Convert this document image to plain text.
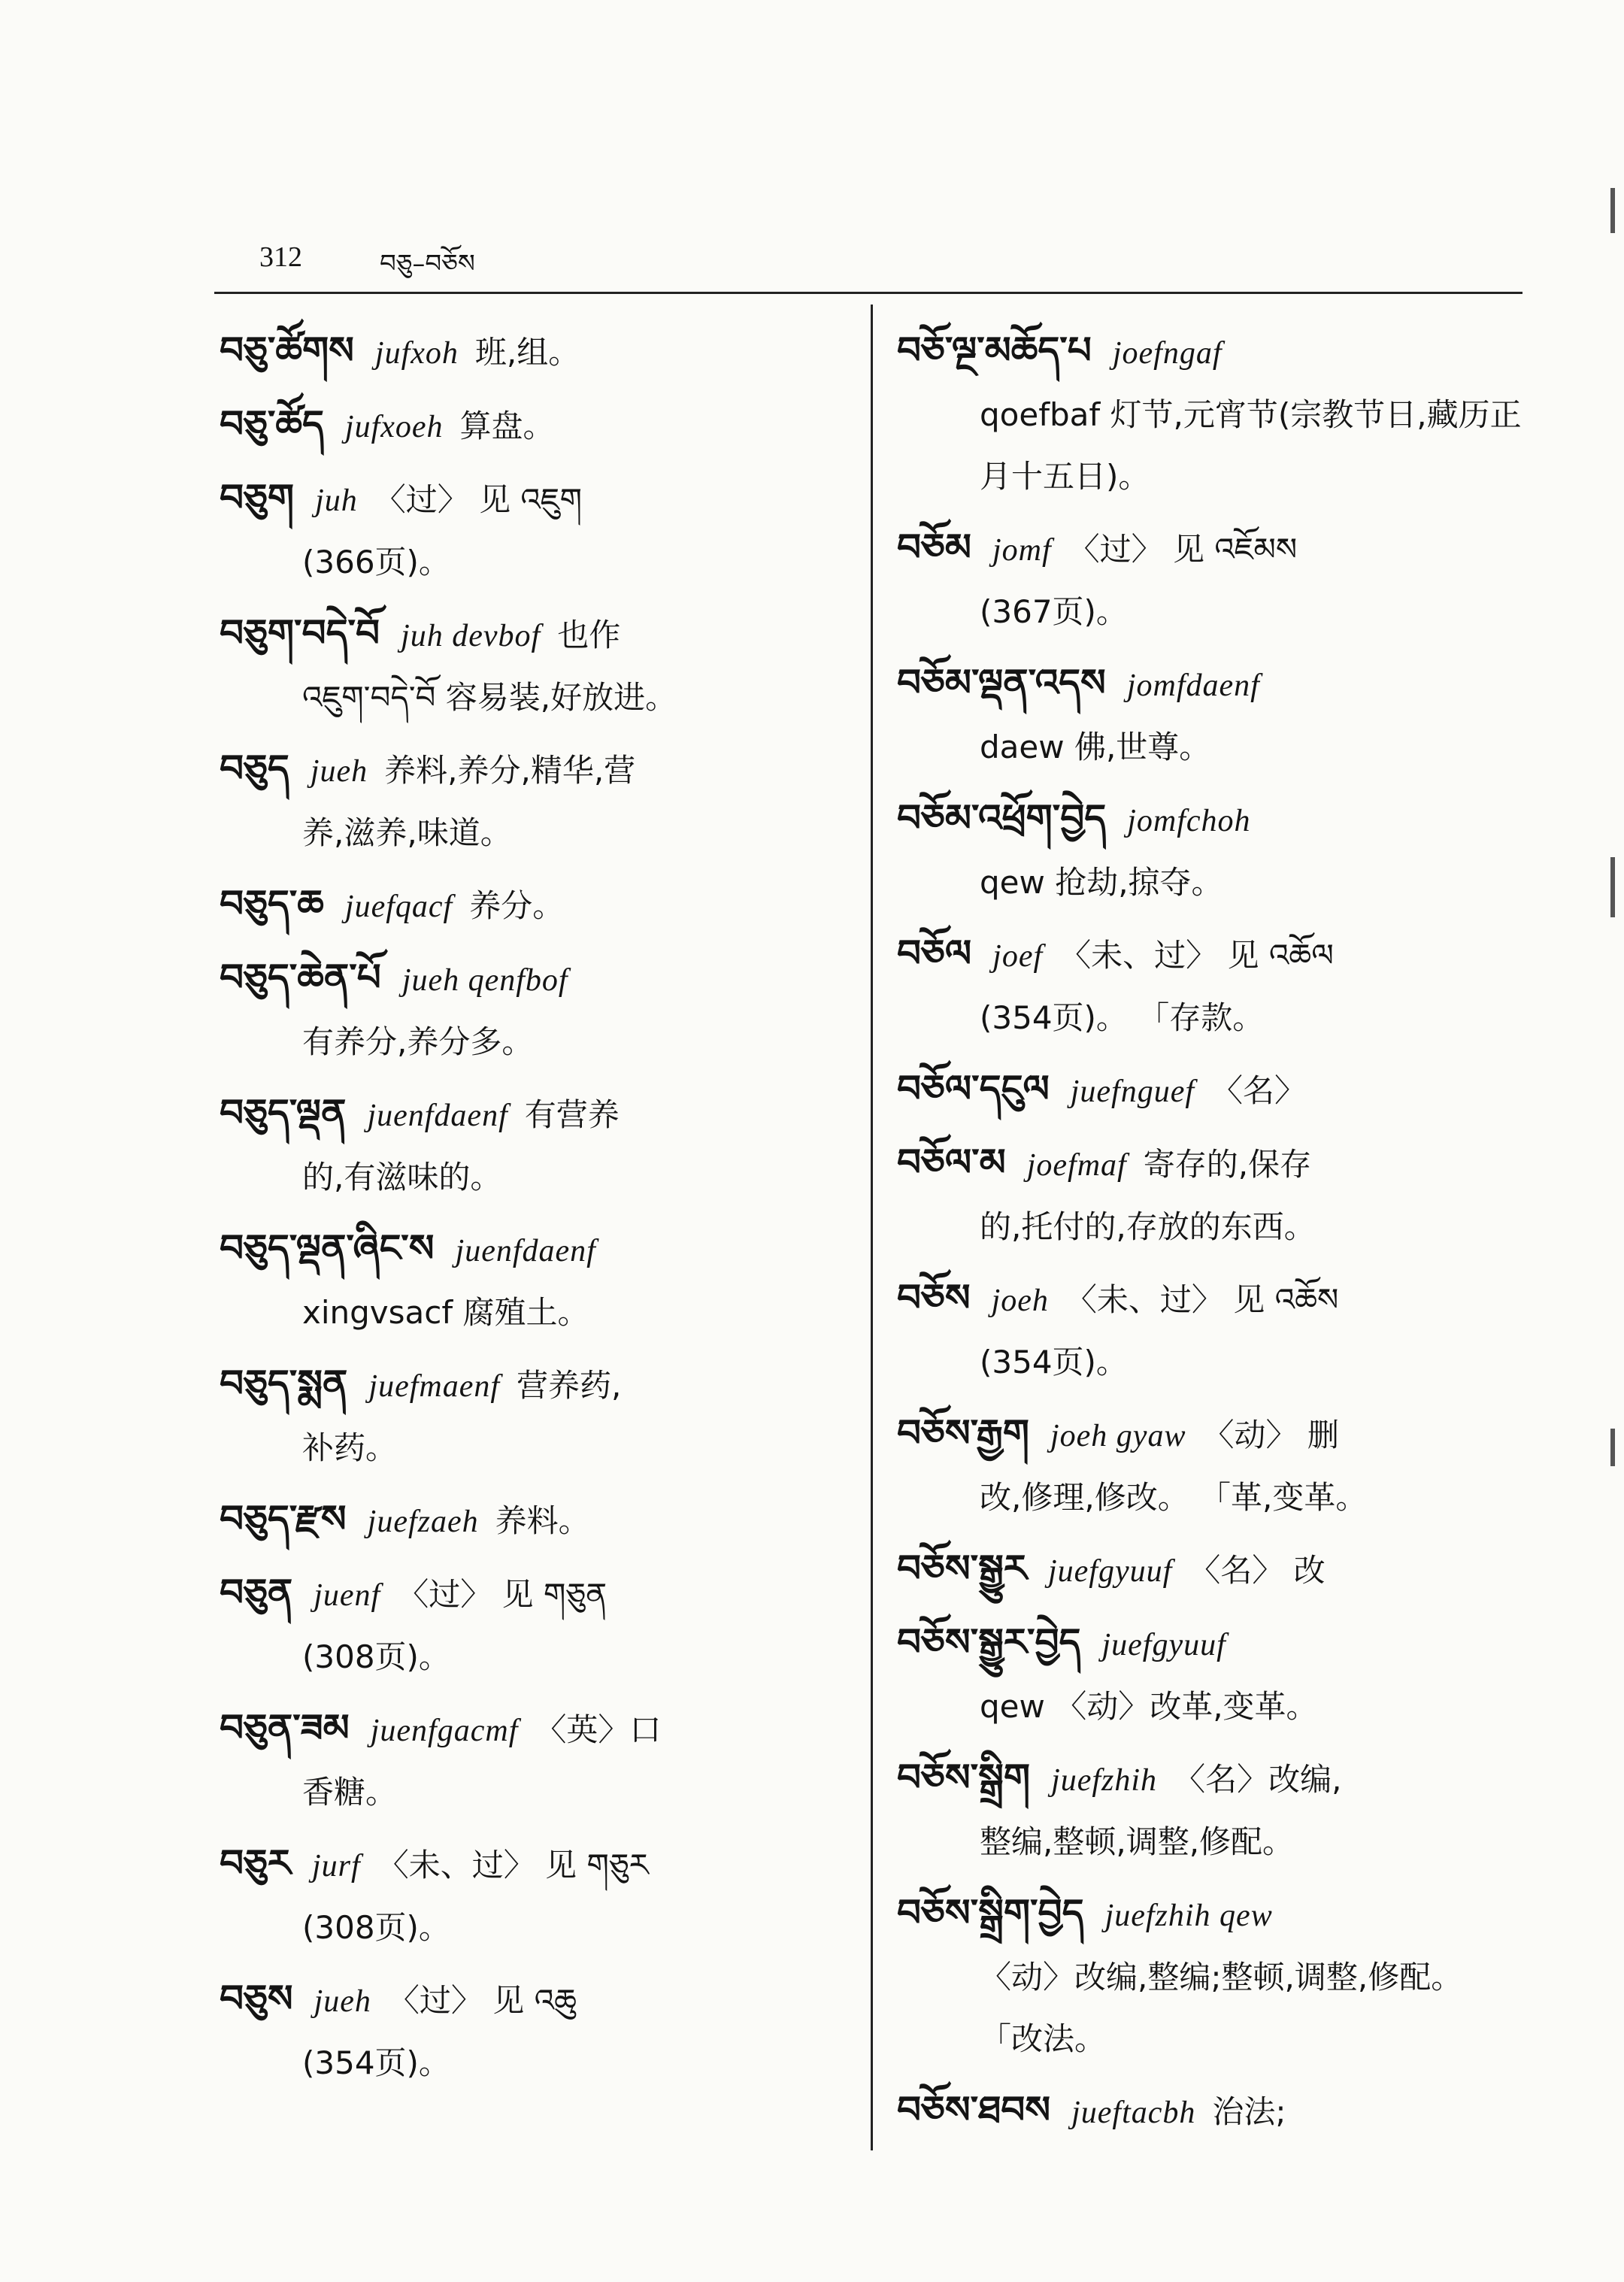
312	བཅུ–བཅོས
བཅུ་ཚོགས jufxoh 班,组。
བཅུ་ཚོད jufxoeh 算盘。
བཅུག juh 〈过〉 见 འཇུག
(366页)。
བཅུག་བདེ་བོ juh devbof 也作
འཇུག་བདེ་བོ 容易装,好放进。
བཅུད jueh 养料,养分,精华,营
养,滋养,味道。
བཅུད་ཆ juefqacf 养分。
བཅུད་ཆེན་པོ jueh qenfbof
有养分,养分多。
བཅུད་ལྡན juenfdaenf 有营养
的,有滋味的。
བཅུད་ལྡན་ཞིང་ས juenfdaenf
xingvsacf 腐殖土。
བཅུད་སྨན juefmaenf 营养药,
补药。
བཅུད་རྫས juefzaeh 养料。
བཅུན juenf 〈过〉 见 གཅུན
(308页)。
བཅུན་ཟམ juenfgacmf 〈英〉口
香糖。
བཅུར jurf 〈未、过〉 见 གཅུར
(308页)。
བཅུས jueh 〈过〉 见 འཆུ
(354页)。
བཅོ་ལྔ་མཆོད་པ joefngaf
qoefbaf 灯节,元宵节(宗教节日,藏历正月十五日)。
བཅོམ jomf 〈过〉 见 འཇོམས
(367页)。
བཅོམ་ལྡན་འདས jomfdaenf
daew 佛,世尊。
བཅོམ་འཕྲོག་བྱེད jomfchoh
qew 抢劫,掠夺。
བཅོལ joef 〈未、过〉 见 འཆོལ
(354页)。 「存款。
བཅོལ་དངུལ juefnguef 〈名〉
བཅོལ་མ joefmaf 寄存的,保存
的,托付的,存放的东西。
བཅོས joeh 〈未、过〉 见 འཆོས
(354页)。
བཅོས་རྒྱག joeh gyaw 〈动〉 删
改,修理,修改。 「革,变革。
བཅོས་སྒྱུར juefgyuuf 〈名〉 改
བཅོས་སྒྱུར་བྱེད juefgyuuf
qew 〈动〉改革,变革。
བཅོས་སྒྲིག juefzhih 〈名〉改编,
整编,整顿,调整,修配。
བཅོས་སྒྲིག་བྱེད juefzhih qew
〈动〉改编,整编;整顿,调整,修配。 「改法。
བཅོས་ཐབས jueftacbh 治法;
